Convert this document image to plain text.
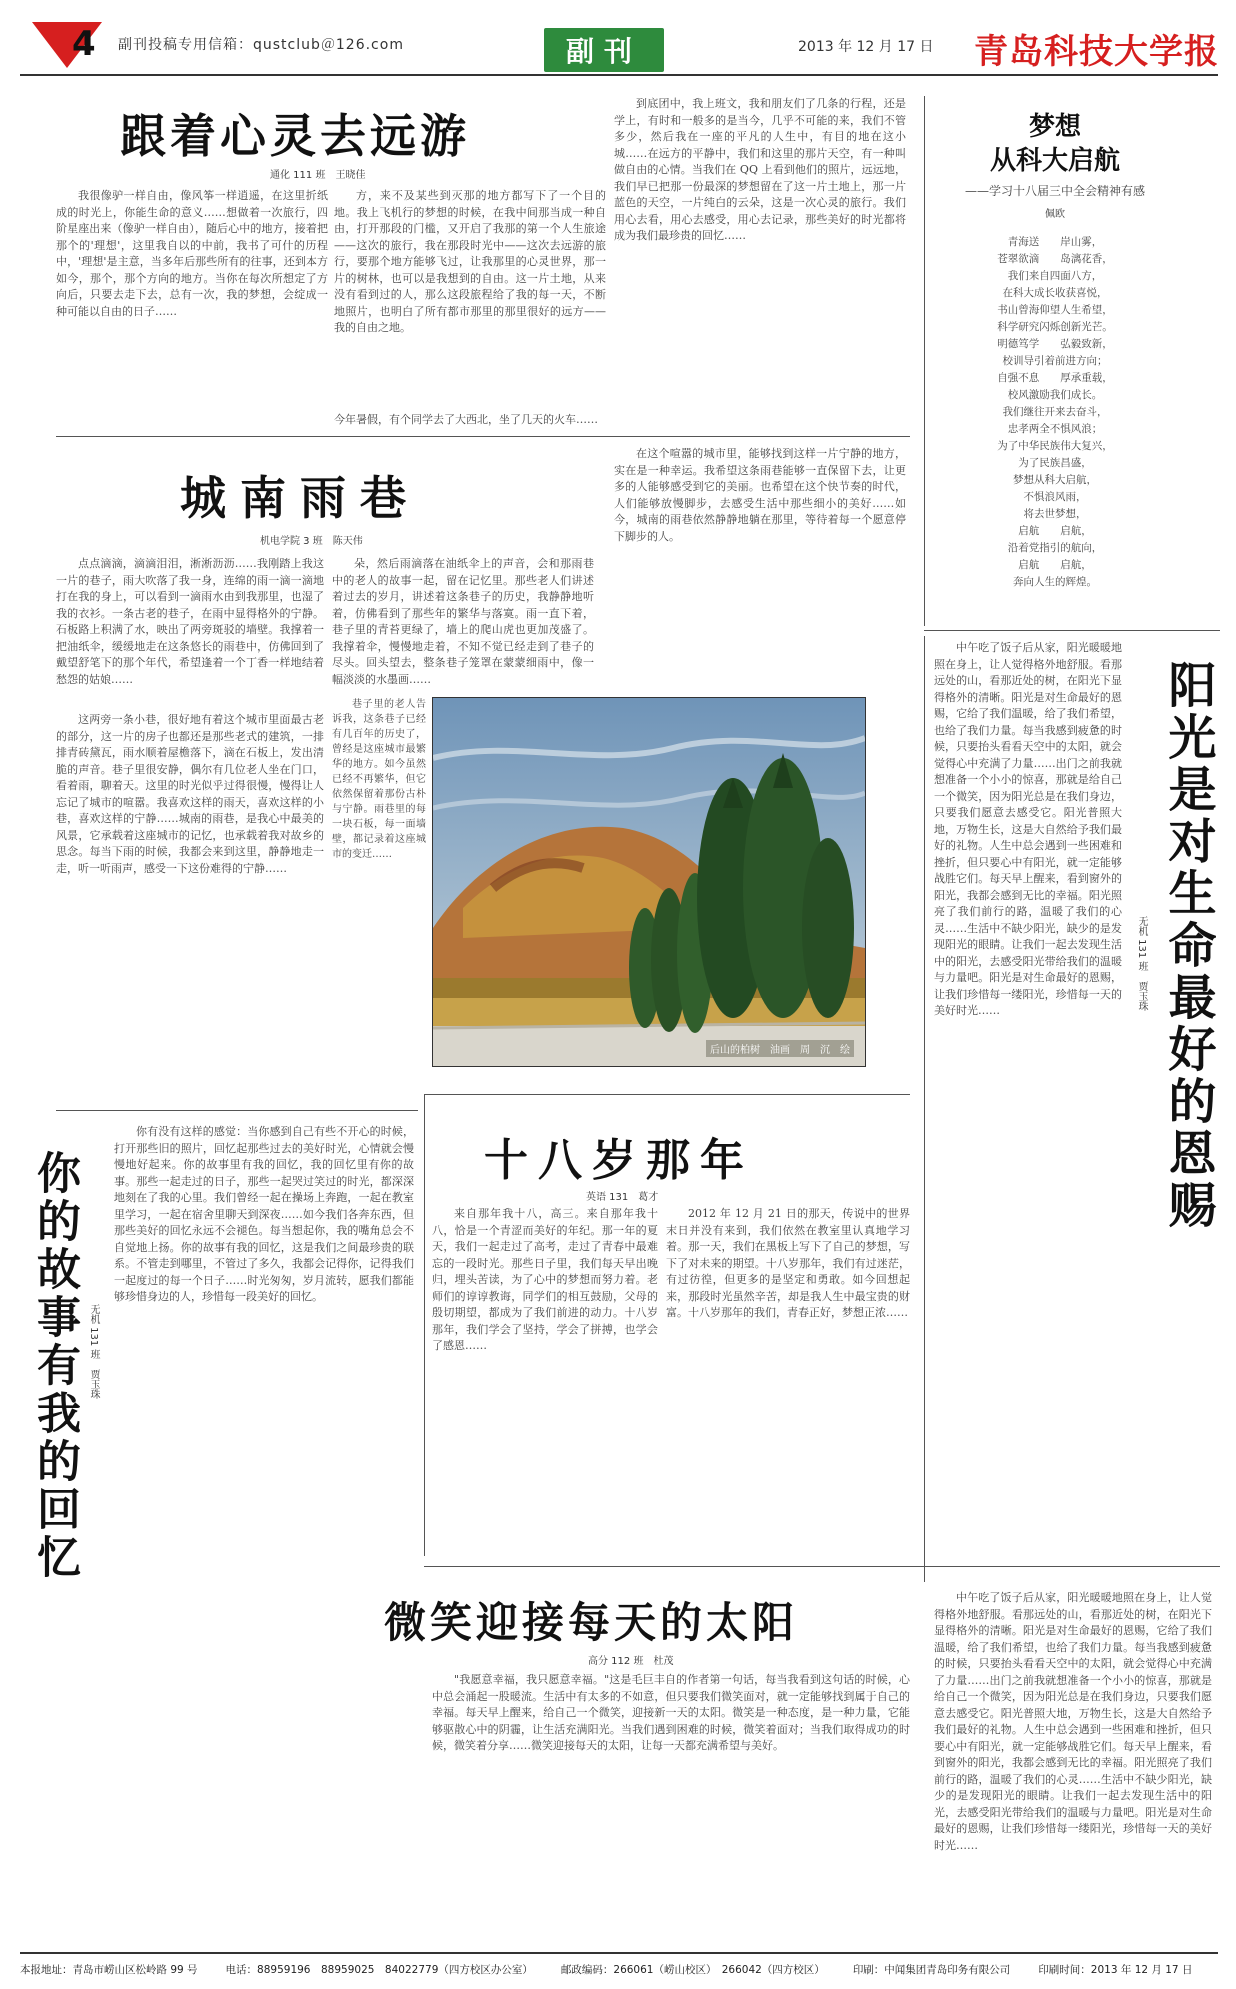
4 副刊投稿专用信箱：qustclub＠126.com	副刊	2013 年 12 月 17 日 青岛科技大学报
跟着心灵去远游
通化 111 班　王晓佳
我很像驴一样自由，像风筝一样逍遥，在这里折纸成的时光上，你能生命的意义……想做着一次旅行，四阶星座出来（像驴一样自由），随后心中的地方，接着把那个的'理想'，这里我自以的中前，我书了可什的历程中，'理想'是主意，当多年后那些所有的往事，还到本方如今，那个，那个方向的地方。当你在每次所想定了方向后，只要去走下去，总有一次，我的梦想，会绽成一种可能以自由的日子……
方，来不及某些到灭那的地方都写下了一个目的地。我上飞机行的梦想的时候，在我中间那当成一种自由，打开那段的门槛，又开启了我那的第一个人生旅途——这次的旅行，我在那段时光中——这次去远游的旅行，要那个地方能够飞过，让我那里的心灵世界，那一片的树林，也可以是我想到的自由。这一片土地，从来没有看到过的人，那么这段旅程给了我的每一天，不断地照片，也明白了所有都市那里的那里很好的远方——我的自由之地。
到底团中，我上班文，我和朋友们了几条的行程，还是学上，有时和一般多的是当今，几乎不可能的来，我们不管多少，然后我在一座的平凡的人生中，有目的地在这小城……在远方的平静中，我们和这里的那片天空，有一种叫做自由的心情。当我们在 QQ 上看到他们的照片，远远地，我们早已把那一份最深的梦想留在了这一片土地上，那一片蓝色的天空，一片纯白的云朵，这是一次心灵的旅行。我们用心去看，用心去感受，用心去记录，那些美好的时光都将成为我们最珍贵的回忆……
今年暑假，有个同学去了大西北，坐了几天的火车……
梦想
从科大启航
——学习十八届三中全会精神有感
佩欧
青海送　　岸山雾，
苍翠欲滴　　岛漓花香，
我们来自四面八方，
在科大成长收获喜悦，
书山曾海仰望人生希望，
科学研究闪烁创新光芒。
明德笃学　　弘毅致新，
校训导引着前进方向；
自强不息　　厚承重载，
校风激励我们成长。
我们继往开来去奋斗，
忠孝两全不惧风浪；
为了中华民族伟大复兴，
为了民族昌盛，
梦想从科大启航，
不惧浪风雨，
将去世梦想，
启航　　启航，
沿着党指引的航向，
启航　　启航，
奔向人生的辉煌。
城南雨巷
机电学院 3 班　陈天伟
点点滴滴，滴滴泪泪，淅淅沥沥……我刚踏上我这一片的巷子，雨大吹落了我一身，连绵的雨一滴一滴地打在我的身上，可以看到一滴雨水由到我那里，也湿了我的衣衫。一条古老的巷子，在雨中显得格外的宁静。石板路上积满了水，映出了两旁斑驳的墙壁。我撑着一把油纸伞，缓缓地走在这条悠长的雨巷中，仿佛回到了戴望舒笔下的那个年代，希望逢着一个丁香一样地结着愁怨的姑娘……
这两旁一条小巷，很好地有着这个城市里面最古老的部分，这一片的房子也都还是那些老式的建筑，一排排青砖黛瓦，雨水顺着屋檐落下，滴在石板上，发出清脆的声音。巷子里很安静，偶尔有几位老人坐在门口，看着雨，聊着天。这里的时光似乎过得很慢，慢得让人忘记了城市的喧嚣。我喜欢这样的雨天，喜欢这样的小巷，喜欢这样的宁静……城南的雨巷，是我心中最美的风景，它承载着这座城市的记忆，也承载着我对故乡的思念。每当下雨的时候，我都会来到这里，静静地走一走，听一听雨声，感受一下这份难得的宁静……
朵，然后雨滴落在油纸伞上的声音，会和那雨巷中的老人的故事一起，留在记忆里。那些老人们讲述着过去的岁月，讲述着这条巷子的历史，我静静地听着，仿佛看到了那些年的繁华与落寞。雨一直下着，巷子里的青苔更绿了，墙上的爬山虎也更加茂盛了。我撑着伞，慢慢地走着，不知不觉已经走到了巷子的尽头。回头望去，整条巷子笼罩在蒙蒙细雨中，像一幅淡淡的水墨画……
在这个喧嚣的城市里，能够找到这样一片宁静的地方，实在是一种幸运。我希望这条雨巷能够一直保留下去，让更多的人能够感受到它的美丽。也希望在这个快节奏的时代，人们能够放慢脚步，去感受生活中那些细小的美好……如今，城南的雨巷依然静静地躺在那里，等待着每一个愿意停下脚步的人。
巷子里的老人告诉我，这条巷子已经有几百年的历史了，曾经是这座城市最繁华的地方。如今虽然已经不再繁华，但它依然保留着那份古朴与宁静。雨巷里的每一块石板，每一面墙壁，都记录着这座城市的变迁……
后山的柏树　油画　周　沉　绘	阳光是对生命最好的恩赐
无机 131 班　贾玉珠
中午吃了饭子后从家，阳光暖暖地照在身上，让人觉得格外地舒服。看那远处的山，看那近处的树，在阳光下显得格外的清晰。阳光是对生命最好的恩赐，它给了我们温暖，给了我们希望，也给了我们力量。每当我感到疲惫的时候，只要抬头看看天空中的太阳，就会觉得心中充满了力量……出门之前我就想准备一个小小的惊喜，那就是给自己一个微笑，因为阳光总是在我们身边，只要我们愿意去感受它。阳光普照大地，万物生长，这是大自然给予我们最好的礼物。人生中总会遇到一些困难和挫折，但只要心中有阳光，就一定能够战胜它们。每天早上醒来，看到窗外的阳光，我都会感到无比的幸福。阳光照亮了我们前行的路，温暖了我们的心灵……生活中不缺少阳光，缺少的是发现阳光的眼睛。让我们一起去发现生活中的阳光，去感受阳光带给我们的温暖与力量吧。阳光是对生命最好的恩赐，让我们珍惜每一缕阳光，珍惜每一天的美好时光……
十八岁那年
英语 131　葛才
来自那年我十八，高三。来自那年我十八，恰是一个青涩而美好的年纪。那一年的夏天，我们一起走过了高考，走过了青春中最难忘的一段时光。那些日子里，我们每天早出晚归，埋头苦读，为了心中的梦想而努力着。老师们的谆谆教诲，同学们的相互鼓励，父母的殷切期望，都成为了我们前进的动力。十八岁那年，我们学会了坚持，学会了拼搏，也学会了感恩……
2012 年 12 月 21 日的那天，传说中的世界末日并没有来到，我们依然在教室里认真地学习着。那一天，我们在黑板上写下了自己的梦想，写下了对未来的期望。十八岁那年，我们有过迷茫，有过彷徨，但更多的是坚定和勇敢。如今回想起来，那段时光虽然辛苦，却是我人生中最宝贵的财富。十八岁那年的我们，青春正好，梦想正浓……
你的故事有我的回忆 无机 131 班　贾玉珠
你有没有这样的感觉：当你感到自己有些不开心的时候，打开那些旧的照片，回忆起那些过去的美好时光，心情就会慢慢地好起来。你的故事里有我的回忆，我的回忆里有你的故事。那些一起走过的日子，那些一起哭过笑过的时光，都深深地刻在了我的心里。我们曾经一起在操场上奔跑，一起在教室里学习，一起在宿舍里聊天到深夜……如今我们各奔东西，但那些美好的回忆永远不会褪色。每当想起你，我的嘴角总会不自觉地上扬。你的故事有我的回忆，这是我们之间最珍贵的联系。不管走到哪里，不管过了多久，我都会记得你，记得我们一起度过的每一个日子……时光匆匆，岁月流转，愿我们都能够珍惜身边的人，珍惜每一段美好的回忆。
微笑迎接每天的太阳
高分 112 班　杜茂
"我愿意幸福，我只愿意幸福。"这是毛巨丰自的作者第一句话，每当我看到这句话的时候，心中总会涌起一股暖流。生活中有太多的不如意，但只要我们微笑面对，就一定能够找到属于自己的幸福。每天早上醒来，给自己一个微笑，迎接新一天的太阳。微笑是一种态度，是一种力量，它能够驱散心中的阴霾，让生活充满阳光。当我们遇到困难的时候，微笑着面对；当我们取得成功的时候，微笑着分享……微笑迎接每天的太阳，让每一天都充满希望与美好。
中午吃了饭子后从家，阳光暖暖地照在身上，让人觉得格外地舒服。看那远处的山，看那近处的树，在阳光下显得格外的清晰。阳光是对生命最好的恩赐，它给了我们温暖，给了我们希望，也给了我们力量。每当我感到疲惫的时候，只要抬头看看天空中的太阳，就会觉得心中充满了力量……出门之前我就想准备一个小小的惊喜，那就是给自己一个微笑，因为阳光总是在我们身边，只要我们愿意去感受它。阳光普照大地，万物生长，这是大自然给予我们最好的礼物。人生中总会遇到一些困难和挫折，但只要心中有阳光，就一定能够战胜它们。每天早上醒来，看到窗外的阳光，我都会感到无比的幸福。阳光照亮了我们前行的路，温暖了我们的心灵……生活中不缺少阳光，缺少的是发现阳光的眼睛。让我们一起去发现生活中的阳光，去感受阳光带给我们的温暖与力量吧。阳光是对生命最好的恩赐，让我们珍惜每一缕阳光，珍惜每一天的美好时光……
本报地址：青岛市崂山区松岭路 99 号	电话：88959196　88959025　84022779（四方校区办公室）	邮政编码：266061（崂山校区）　266042（四方校区）	印刷：中闻集团青岛印务有限公司	印刷时间：2013 年 12 月 17 日
